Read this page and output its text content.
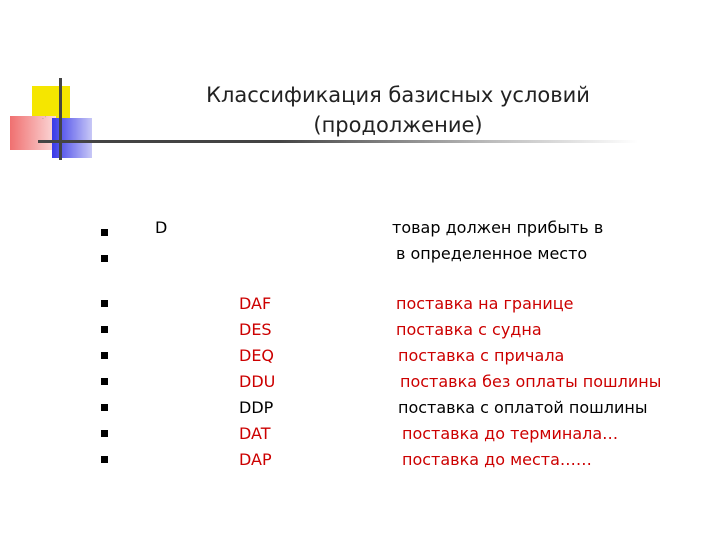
·˙
Классификация базисных условий
(продолжение)
D	товар должен прибыть в
в определенное место
DAF	поставка на границе
DES	поставка с судна
DEQ	поставка с причала
DDU	поставка без оплаты пошлины
DDP	поставка с оплатой пошлины
DAT	поставка до терминала…
DAP	поставка до места……
